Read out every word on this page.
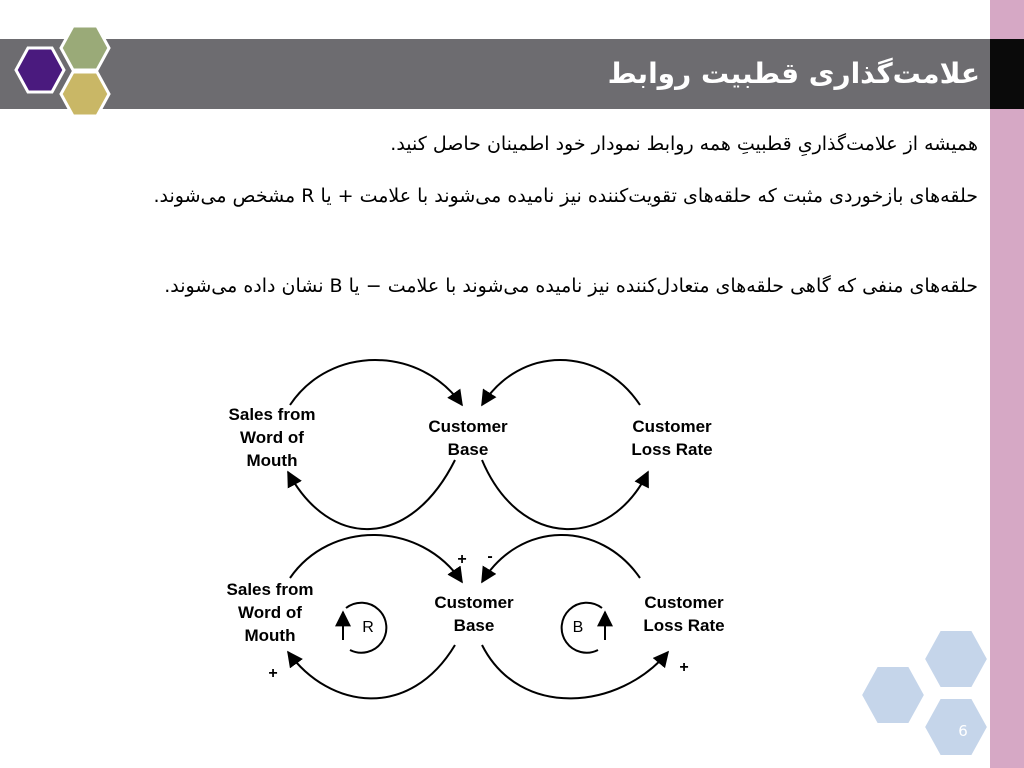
علامت‌گذاری قطبیت روابط
همیشه از علامت‌گذاریِ قطبیتِ همه روابط نمودار خود اطمینان حاصل کنید.
حلقه‌های بازخوردی مثبت که حلقه‌های تقویت‌کننده نیز نامیده می‌شوند با علامت + یا R مشخص می‌شوند.
حلقه‌های منفی که گاهی حلقه‌های متعادل‌کننده نیز نامیده می‌شوند با علامت − یا B نشان داده می‌شوند.
Sales from
Word of
Mouth
Customer
Base
Customer
Loss Rate
Sales from
Word of
Mouth
Customer
Base
Customer
Loss Rate
R	B
+ -
+	+
6
